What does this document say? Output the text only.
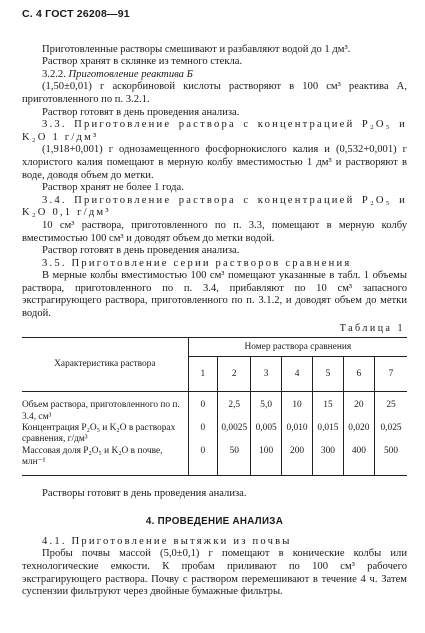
С. 4 ГОСТ 26208—91

Приготовленные растворы смешивают и разбавляют водой до 1 дм³.

Раствор хранят в склянке из темного стекла.

3.2.2. Приготовление реактива Б

(1,50±0,01) г аскорбиновой кислоты растворяют в 100 см³ реактива А, приготовленного по п. 3.2.1.

Раствор готовят в день проведения анализа.

3.3. Приготовление раствора с концентрацией P₂O₅ и K₂O 1 г/дм³

(1,918+0,001) г однозамещенного фосфорнокислого калия и (0,532+0,001) г хлористого калия помещают в мерную колбу вместимостью 1 дм³ и растворяют в воде, доводя объем до метки.

Раствор хранят не более 1 года.

3.4. Приготовление раствора с концентрацией P₂O₅ и K₂O 0,1 г/дм³

10 см³ раствора, приготовленного по п. 3.3, помещают в мерную колбу вместимостью 100 см³ и доводят объем до метки водой.

Раствор готовят в день проведения анализа.

3.5. Приготовление серии растворов сравнения

В мерные колбы вместимостью 100 см³ помещают указанные в табл. 1 объемы раствора, приготовленного по п. 3.4, прибавляют по 10 см³ запасного экстрагирующего раствора, приготовленного по п. 3.1.2, и доводят объем до метки водой.

Таблица 1
Характеристика раствора	Номер раствора сравнения						
	1	2	3	4	5	6	7
Объем раствора, приготовленного по п. 3.4, см³	0	2,5	5,0	10	15	20	25
Концентрация P₂O₅ и K₂O в растворах сравнения, г/дм³	0	0,0025	0,005	0,010	0,015	0,020	0,025
Массовая доля P₂O₅ и K₂O в почве, млн⁻¹	0	50	100	200	300	400	500

Растворы готовят в день проведения анализа.

4. ПРОВЕДЕНИЕ АНАЛИЗА

4.1. Приготовление вытяжки из почвы

Пробы почвы массой (5,0±0,1) г помещают в конические колбы или технологические емкости. К пробам приливают по 100 см³ рабочего экстрагирующего раствора. Почву с раствором перемешивают в течение 4 ч. Затем суспензии фильтруют через двойные бумажные фильтры.
